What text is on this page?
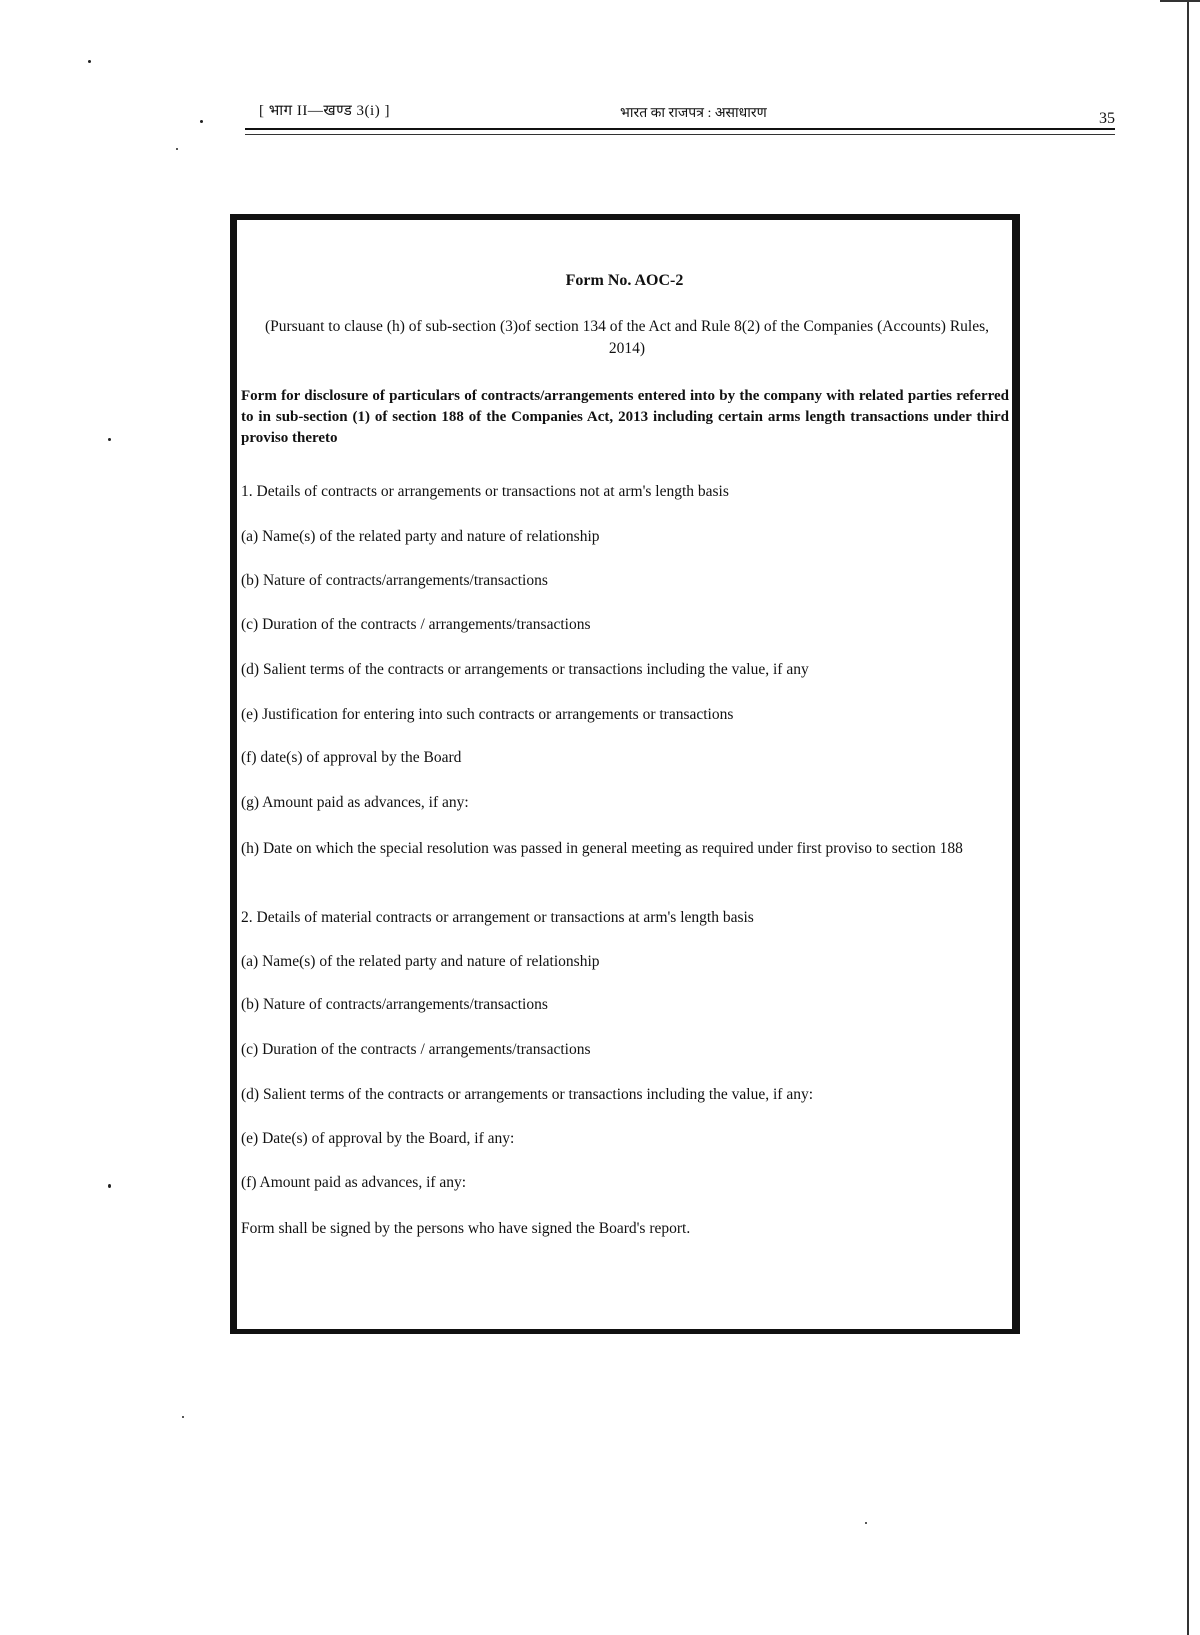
[ भाग II—खण्ड 3(i) ]	भारत का राजपत्र : असाधारण	35
Form No. AOC-2
(Pursuant to clause (h) of sub-section (3)of section 134 of the Act and Rule 8(2) of the Companies (Accounts) Rules, 2014)
Form for disclosure of particulars of contracts/arrangements entered into by the company with related parties referred to in sub-section (1) of section 188 of the Companies Act, 2013 including certain arms length transactions under third proviso thereto
1. Details of contracts or arrangements or transactions not at arm's length basis
(a) Name(s) of the related party and nature of relationship
(b) Nature of contracts/arrangements/transactions
(c) Duration of the contracts / arrangements/transactions
(d) Salient terms of the contracts or arrangements or transactions including the value, if any
(e) Justification for entering into such contracts or arrangements or transactions
(f) date(s) of approval by the Board
(g) Amount paid as advances, if any:
(h) Date on which the special resolution was passed in general meeting as required under first proviso to section 188
2. Details of material contracts or arrangement or transactions at arm's length basis
(a) Name(s) of the related party and nature of relationship
(b) Nature of contracts/arrangements/transactions
(c) Duration of the contracts / arrangements/transactions
(d) Salient terms of the contracts or arrangements or transactions including the value, if any:
(e) Date(s) of approval by the Board, if any:
(f) Amount paid as advances, if any:
Form shall be signed by the persons who have signed the Board's report.
